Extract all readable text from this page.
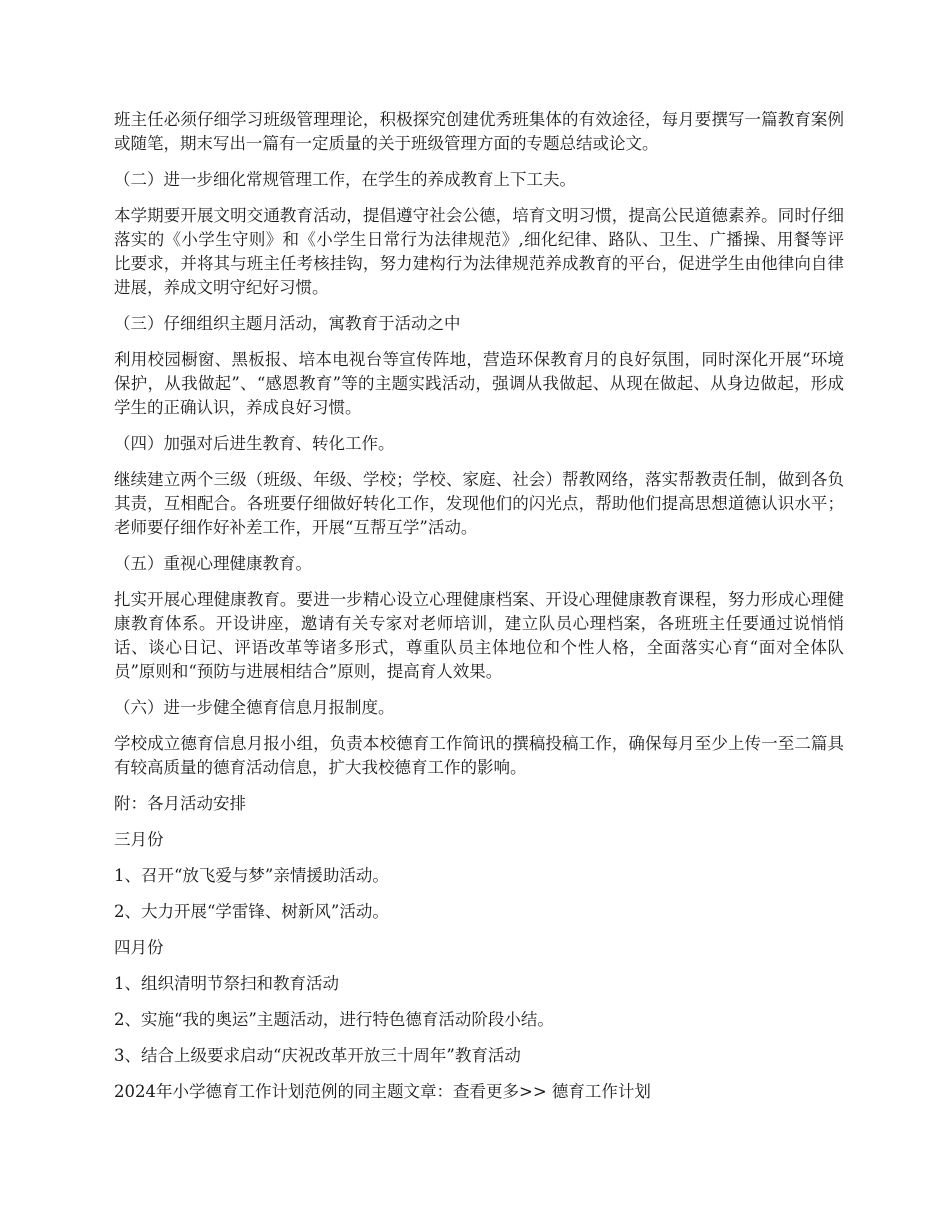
班主任必须仔细学习班级管理理论，积极探究创建优秀班集体的有效途径，每月要撰写一篇教育案例或随笔，期末写出一篇有一定质量的关于班级管理方面的专题总结或论文。

（二）进一步细化常规管理工作，在学生的养成教育上下工夫。

本学期要开展文明交通教育活动，提倡遵守社会公德，培育文明习惯，提高公民道德素养。同时仔细落实的《小学生守则》和《小学生日常行为法律规范》,细化纪律、路队、卫生、广播操、用餐等评比要求，并将其与班主任考核挂钩，努力建构行为法律规范养成教育的平台，促进学生由他律向自律进展，养成文明守纪好习惯。

（三）仔细组织主题月活动，寓教育于活动之中

利用校园橱窗、黑板报、培本电视台等宣传阵地，营造环保教育月的良好氛围，同时深化开展“环境保护，从我做起”、“感恩教育”等的主题实践活动，强调从我做起、从现在做起、从身边做起，形成学生的正确认识，养成良好习惯。

（四）加强对后进生教育、转化工作。

继续建立两个三级（班级、年级、学校；学校、家庭、社会）帮教网络，落实帮教责任制，做到各负其责，互相配合。各班要仔细做好转化工作，发现他们的闪光点，帮助他们提高思想道德认识水平；老师要仔细作好补差工作，开展“互帮互学”活动。

（五）重视心理健康教育。

扎实开展心理健康教育。要进一步精心设立心理健康档案、开设心理健康教育课程，努力形成心理健康教育体系。开设讲座，邀请有关专家对老师培训，建立队员心理档案，各班班主任要通过说悄悄话、谈心日记、评语改革等诸多形式，尊重队员主体地位和个性人格，全面落实心育“面对全体队员”原则和“预防与进展相结合”原则，提高育人效果。

（六）进一步健全德育信息月报制度。

学校成立德育信息月报小组，负责本校德育工作简讯的撰稿投稿工作，确保每月至少上传一至二篇具有较高质量的德育活动信息，扩大我校德育工作的影响。

附：各月活动安排

三月份

1、召开“放飞爱与梦”亲情援助活动。

2、大力开展“学雷锋、树新风”活动。

四月份

1、组织清明节祭扫和教育活动

2、实施“我的奥运”主题活动，进行特色德育活动阶段小结。

3、结合上级要求启动“庆祝改革开放三十周年”教育活动

2024年小学德育工作计划范例的同主题文章：查看更多>> 德育工作计划
